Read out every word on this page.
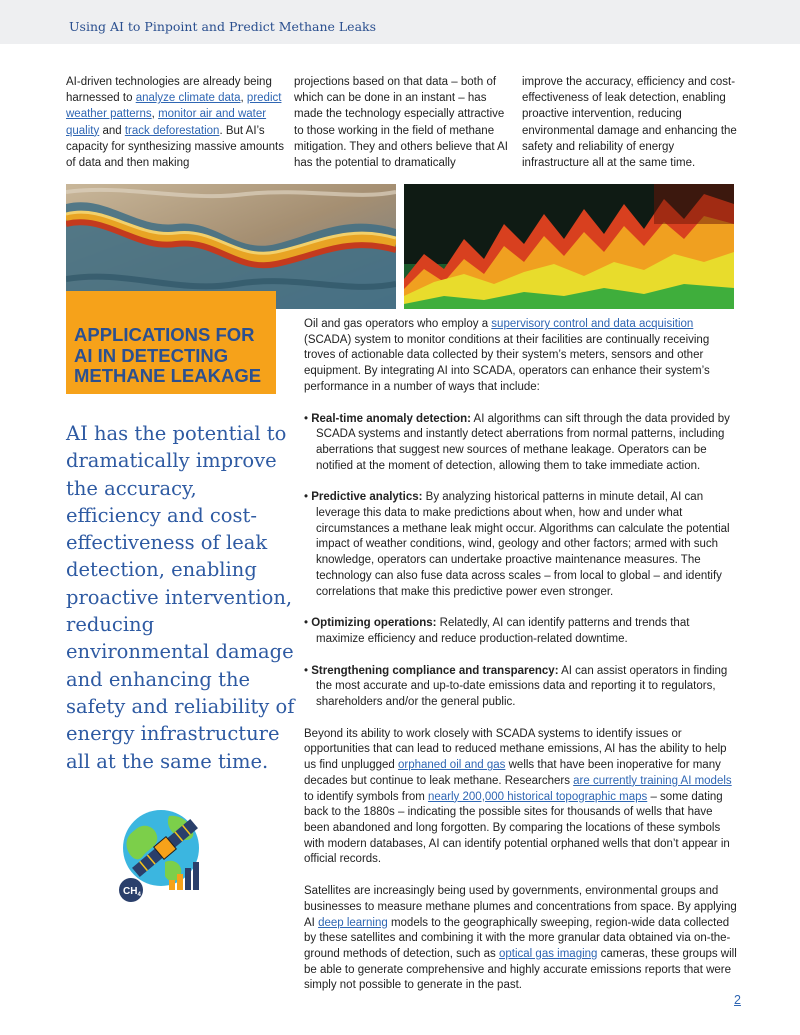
Using AI to Pinpoint and Predict Methane Leaks
AI-driven technologies are already being harnessed to analyze climate data, predict weather patterns, monitor air and water quality and track deforestation. But AI’s capacity for synthesizing massive amounts of data and then making
projections based on that data – both of which can be done in an instant – has made the technology especially attractive to those working in the field of methane mitigation. They and others believe that AI has the potential to dramatically
improve the accuracy, efficiency and cost-effectiveness of leak detection, enabling proactive intervention, reducing environmental damage and enhancing the safety and reliability of energy infrastructure all at the same time.
APPLICATIONS FOR AI IN DETECTING METHANE LEAKAGE
AI has the potential to dramatically improve the accuracy, efficiency and cost-effectiveness of leak detection, enabling proactive intervention, reducing environmental damage and enhancing the safety and reliability of energy infrastructure all at the same time.

Oil and gas operators who employ a supervisory control and data acquisition (SCADA) system to monitor conditions at their facilities are continually receiving troves of actionable data collected by their system’s meters, sensors and other equipment. By integrating AI into SCADA, operators can enhance their system’s performance in a number of ways that include:

• Real-time anomaly detection: AI algorithms can sift through the data provided by SCADA systems and instantly detect aberrations from normal patterns, including aberrations that suggest new sources of methane leakage. Operators can be notified at the moment of detection, allowing them to take immediate action.
• Predictive analytics: By analyzing historical patterns in minute detail, AI can leverage this data to make predictions about when, how and under what circumstances a methane leak might occur. Algorithms can calculate the potential impact of weather conditions, wind, geology and other factors; armed with such knowledge, operators can undertake proactive maintenance measures. The technology can also fuse data across scales – from local to global – and identify correlations that make this predictive power even stronger.
• Optimizing operations: Relatedly, AI can identify patterns and trends that maximize efficiency and reduce production-related downtime.
• Strengthening compliance and transparency: AI can assist operators in finding the most accurate and up-to-date emissions data and reporting it to regulators, shareholders and/or the general public.

Beyond its ability to work closely with SCADA systems to identify issues or opportunities that can lead to reduced methane emissions, AI has the ability to help us find unplugged orphaned oil and gas wells that have been inoperative for many decades but continue to leak methane. Researchers are currently training AI models to identify symbols from nearly 200,000 historical topographic maps – some dating back to the 1880s – indicating the possible sites for thousands of wells that have been abandoned and long forgotten. By comparing the locations of these symbols with modern databases, AI can identify potential orphaned wells that don’t appear in official records.

Satellites are increasingly being used by governments, environmental groups and businesses to measure methane plumes and concentrations from space. By applying AI deep learning models to the geographically sweeping, region-wide data collected by these satellites and combining it with the more granular data obtained via on-the-ground methods of detection, such as optical gas imaging cameras, these groups will be able to generate comprehensive and highly accurate emissions reports that were simply not possible to generate in the past.

$CH_4$
2
